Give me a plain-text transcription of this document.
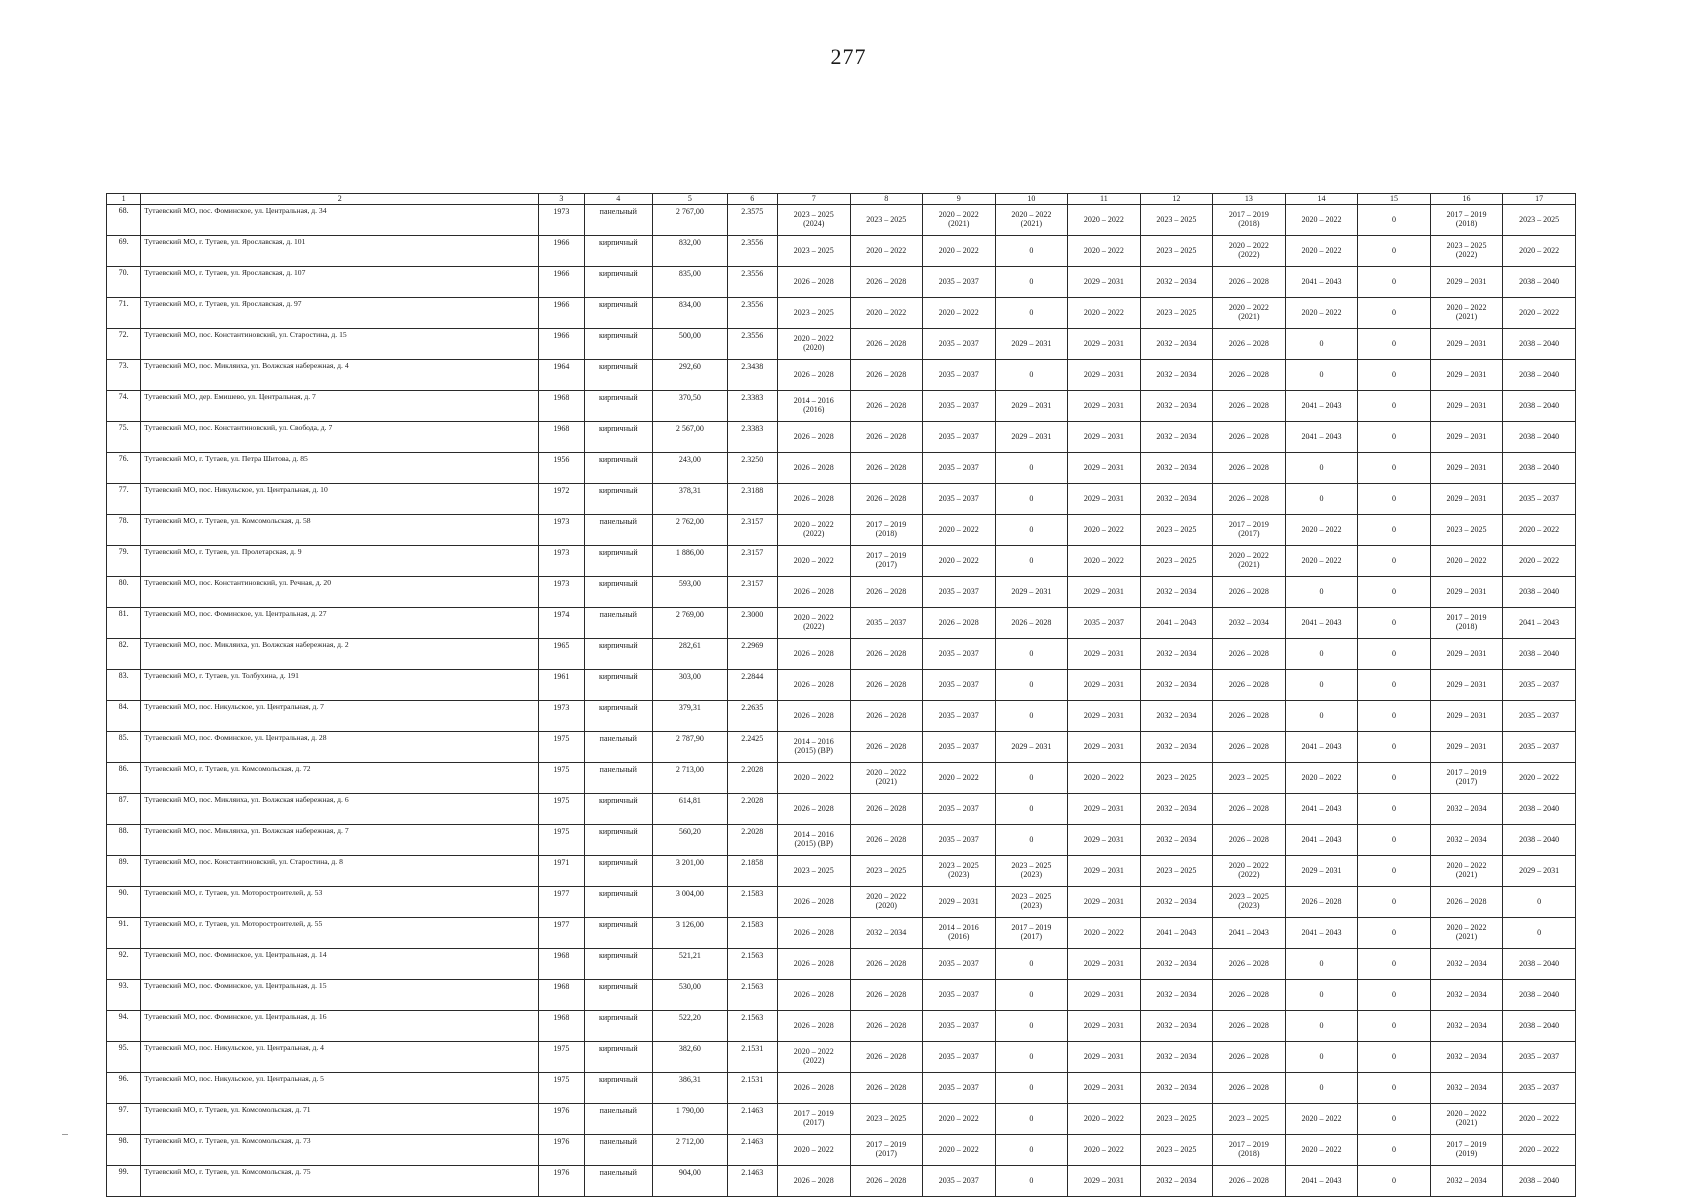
277
1	2	3	4	5	6	7	8	9	10	11	12	13	14	15	16	17
68.	Тутаевский МО, пос. Фоминское, ул. Центральная, д. 34	1973	панельный	2 767,00	2.3575	2023 – 2025
(2024)	2023 – 2025	2020 – 2022
(2021)	2020 – 2022
(2021)	2020 – 2022	2023 – 2025	2017 – 2019
(2018)	2020 – 2022	0	2017 – 2019
(2018)	2023 – 2025
69.	Тутаевский МО, г. Тутаев, ул. Ярославская, д. 101	1966	кирпичный	832,00	2.3556	2023 – 2025	2020 – 2022	2020 – 2022	0	2020 – 2022	2023 – 2025	2020 – 2022
(2022)	2020 – 2022	0	2023 – 2025
(2022)	2020 – 2022
70.	Тутаевский МО, г. Тутаев, ул. Ярославская, д. 107	1966	кирпичный	835,00	2.3556	2026 – 2028	2026 – 2028	2035 – 2037	0	2029 – 2031	2032 – 2034	2026 – 2028	2041 – 2043	0	2029 – 2031	2038 – 2040
71.	Тутаевский МО, г. Тутаев, ул. Ярославская, д. 97	1966	кирпичный	834,00	2.3556	2023 – 2025	2020 – 2022	2020 – 2022	0	2020 – 2022	2023 – 2025	2020 – 2022
(2021)	2020 – 2022	0	2020 – 2022
(2021)	2020 – 2022
72.	Тутаевский МО, пос. Константиновский, ул. Старостина, д. 15	1966	кирпичный	500,00	2.3556	2020 – 2022
(2020)	2026 – 2028	2035 – 2037	2029 – 2031	2029 – 2031	2032 – 2034	2026 – 2028	0	0	2029 – 2031	2038 – 2040
73.	Тутаевский МО, пос. Микляиха, ул. Волжская набережная, д. 4	1964	кирпичный	292,60	2.3438	2026 – 2028	2026 – 2028	2035 – 2037	0	2029 – 2031	2032 – 2034	2026 – 2028	0	0	2029 – 2031	2038 – 2040
74.	Тутаевский МО, дер. Емишево, ул. Центральная, д. 7	1968	кирпичный	370,50	2.3383	2014 – 2016
(2016)	2026 – 2028	2035 – 2037	2029 – 2031	2029 – 2031	2032 – 2034	2026 – 2028	2041 – 2043	0	2029 – 2031	2038 – 2040
75.	Тутаевский МО, пос. Константиновский, ул. Свобода, д. 7	1968	кирпичный	2 567,00	2.3383	2026 – 2028	2026 – 2028	2035 – 2037	2029 – 2031	2029 – 2031	2032 – 2034	2026 – 2028	2041 – 2043	0	2029 – 2031	2038 – 2040
76.	Тутаевский МО, г. Тутаев, ул. Петра Шитова, д. 85	1956	кирпичный	243,00	2.3250	2026 – 2028	2026 – 2028	2035 – 2037	0	2029 – 2031	2032 – 2034	2026 – 2028	0	0	2029 – 2031	2038 – 2040
77.	Тутаевский МО, пос. Никульское, ул. Центральная, д. 10	1972	кирпичный	378,31	2.3188	2026 – 2028	2026 – 2028	2035 – 2037	0	2029 – 2031	2032 – 2034	2026 – 2028	0	0	2029 – 2031	2035 – 2037
78.	Тутаевский МО, г. Тутаев, ул. Комсомольская, д. 58	1973	панельный	2 762,00	2.3157	2020 – 2022
(2022)	2017 – 2019
(2018)	2020 – 2022	0	2020 – 2022	2023 – 2025	2017 – 2019
(2017)	2020 – 2022	0	2023 – 2025	2020 – 2022
79.	Тутаевский МО, г. Тутаев, ул. Пролетарская, д. 9	1973	кирпичный	1 886,00	2.3157	2020 – 2022	2017 – 2019
(2017)	2020 – 2022	0	2020 – 2022	2023 – 2025	2020 – 2022
(2021)	2020 – 2022	0	2020 – 2022	2020 – 2022
80.	Тутаевский МО, пос. Константиновский, ул. Речная, д. 20	1973	кирпичный	593,00	2.3157	2026 – 2028	2026 – 2028	2035 – 2037	2029 – 2031	2029 – 2031	2032 – 2034	2026 – 2028	0	0	2029 – 2031	2038 – 2040
81.	Тутаевский МО, пос. Фоминское, ул. Центральная, д. 27	1974	панельный	2 769,00	2.3000	2020 – 2022
(2022)	2035 – 2037	2026 – 2028	2026 – 2028	2035 – 2037	2041 – 2043	2032 – 2034	2041 – 2043	0	2017 – 2019
(2018)	2041 – 2043
82.	Тутаевский МО, пос. Микляиха, ул. Волжская набережная, д. 2	1965	кирпичный	282,61	2.2969	2026 – 2028	2026 – 2028	2035 – 2037	0	2029 – 2031	2032 – 2034	2026 – 2028	0	0	2029 – 2031	2038 – 2040
83.	Тутаевский МО, г. Тутаев, ул. Толбухина, д. 191	1961	кирпичный	303,00	2.2844	2026 – 2028	2026 – 2028	2035 – 2037	0	2029 – 2031	2032 – 2034	2026 – 2028	0	0	2029 – 2031	2035 – 2037
84.	Тутаевский МО, пос. Никульское, ул. Центральная, д. 7	1973	кирпичный	379,31	2.2635	2026 – 2028	2026 – 2028	2035 – 2037	0	2029 – 2031	2032 – 2034	2026 – 2028	0	0	2029 – 2031	2035 – 2037
85.	Тутаевский МО, пос. Фоминское, ул. Центральная, д. 28	1975	панельный	2 787,90	2.2425	2014 – 2016
(2015) (ВР)	2026 – 2028	2035 – 2037	2029 – 2031	2029 – 2031	2032 – 2034	2026 – 2028	2041 – 2043	0	2029 – 2031	2035 – 2037
86.	Тутаевский МО, г. Тутаев, ул. Комсомольская, д. 72	1975	панельный	2 713,00	2.2028	2020 – 2022	2020 – 2022
(2021)	2020 – 2022	0	2020 – 2022	2023 – 2025	2023 – 2025	2020 – 2022	0	2017 – 2019
(2017)	2020 – 2022
87.	Тутаевский МО, пос. Микляиха, ул. Волжская набережная, д. 6	1975	кирпичный	614,81	2.2028	2026 – 2028	2026 – 2028	2035 – 2037	0	2029 – 2031	2032 – 2034	2026 – 2028	2041 – 2043	0	2032 – 2034	2038 – 2040
88.	Тутаевский МО, пос. Микляиха, ул. Волжская набережная, д. 7	1975	кирпичный	560,20	2.2028	2014 – 2016
(2015) (ВР)	2026 – 2028	2035 – 2037	0	2029 – 2031	2032 – 2034	2026 – 2028	2041 – 2043	0	2032 – 2034	2038 – 2040
89.	Тутаевский МО, пос. Константиновский, ул. Старостина, д. 8	1971	кирпичный	3 201,00	2.1858	2023 – 2025	2023 – 2025	2023 – 2025
(2023)	2023 – 2025
(2023)	2029 – 2031	2023 – 2025	2020 – 2022
(2022)	2029 – 2031	0	2020 – 2022
(2021)	2029 – 2031
90.	Тутаевский МО, г. Тутаев, ул. Моторостроителей, д. 53	1977	кирпичный	3 004,00	2.1583	2026 – 2028	2020 – 2022
(2020)	2029 – 2031	2023 – 2025
(2023)	2029 – 2031	2032 – 2034	2023 – 2025
(2023)	2026 – 2028	0	2026 – 2028	0
91.	Тутаевский МО, г. Тутаев, ул. Моторостроителей, д. 55	1977	кирпичный	3 126,00	2.1583	2026 – 2028	2032 – 2034	2014 – 2016
(2016)	2017 – 2019
(2017)	2020 – 2022	2041 – 2043	2041 – 2043	2041 – 2043	0	2020 – 2022
(2021)	0
92.	Тутаевский МО, пос. Фоминское, ул. Центральная, д. 14	1968	кирпичный	521,21	2.1563	2026 – 2028	2026 – 2028	2035 – 2037	0	2029 – 2031	2032 – 2034	2026 – 2028	0	0	2032 – 2034	2038 – 2040
93.	Тутаевский МО, пос. Фоминское, ул. Центральная, д. 15	1968	кирпичный	530,00	2.1563	2026 – 2028	2026 – 2028	2035 – 2037	0	2029 – 2031	2032 – 2034	2026 – 2028	0	0	2032 – 2034	2038 – 2040
94.	Тутаевский МО, пос. Фоминское, ул. Центральная, д. 16	1968	кирпичный	522,20	2.1563	2026 – 2028	2026 – 2028	2035 – 2037	0	2029 – 2031	2032 – 2034	2026 – 2028	0	0	2032 – 2034	2038 – 2040
95.	Тутаевский МО, пос. Никульское, ул. Центральная, д. 4	1975	кирпичный	382,60	2.1531	2020 – 2022
(2022)	2026 – 2028	2035 – 2037	0	2029 – 2031	2032 – 2034	2026 – 2028	0	0	2032 – 2034	2035 – 2037
96.	Тутаевский МО, пос. Никульское, ул. Центральная, д. 5	1975	кирпичный	386,31	2.1531	2026 – 2028	2026 – 2028	2035 – 2037	0	2029 – 2031	2032 – 2034	2026 – 2028	0	0	2032 – 2034	2035 – 2037
97.	Тутаевский МО, г. Тутаев, ул. Комсомольская, д. 71	1976	панельный	1 790,00	2.1463	2017 – 2019
(2017)	2023 – 2025	2020 – 2022	0	2020 – 2022	2023 – 2025	2023 – 2025	2020 – 2022	0	2020 – 2022
(2021)	2020 – 2022
98.	Тутаевский МО, г. Тутаев, ул. Комсомольская, д. 73	1976	панельный	2 712,00	2.1463	2020 – 2022	2017 – 2019
(2017)	2020 – 2022	0	2020 – 2022	2023 – 2025	2017 – 2019
(2018)	2020 – 2022	0	2017 – 2019
(2019)	2020 – 2022
99.	Тутаевский МО, г. Тутаев, ул. Комсомольская, д. 75	1976	панельный	904,00	2.1463	2026 – 2028	2026 – 2028	2035 – 2037	0	2029 – 2031	2032 – 2034	2026 – 2028	2041 – 2043	0	2032 – 2034	2038 – 2040
